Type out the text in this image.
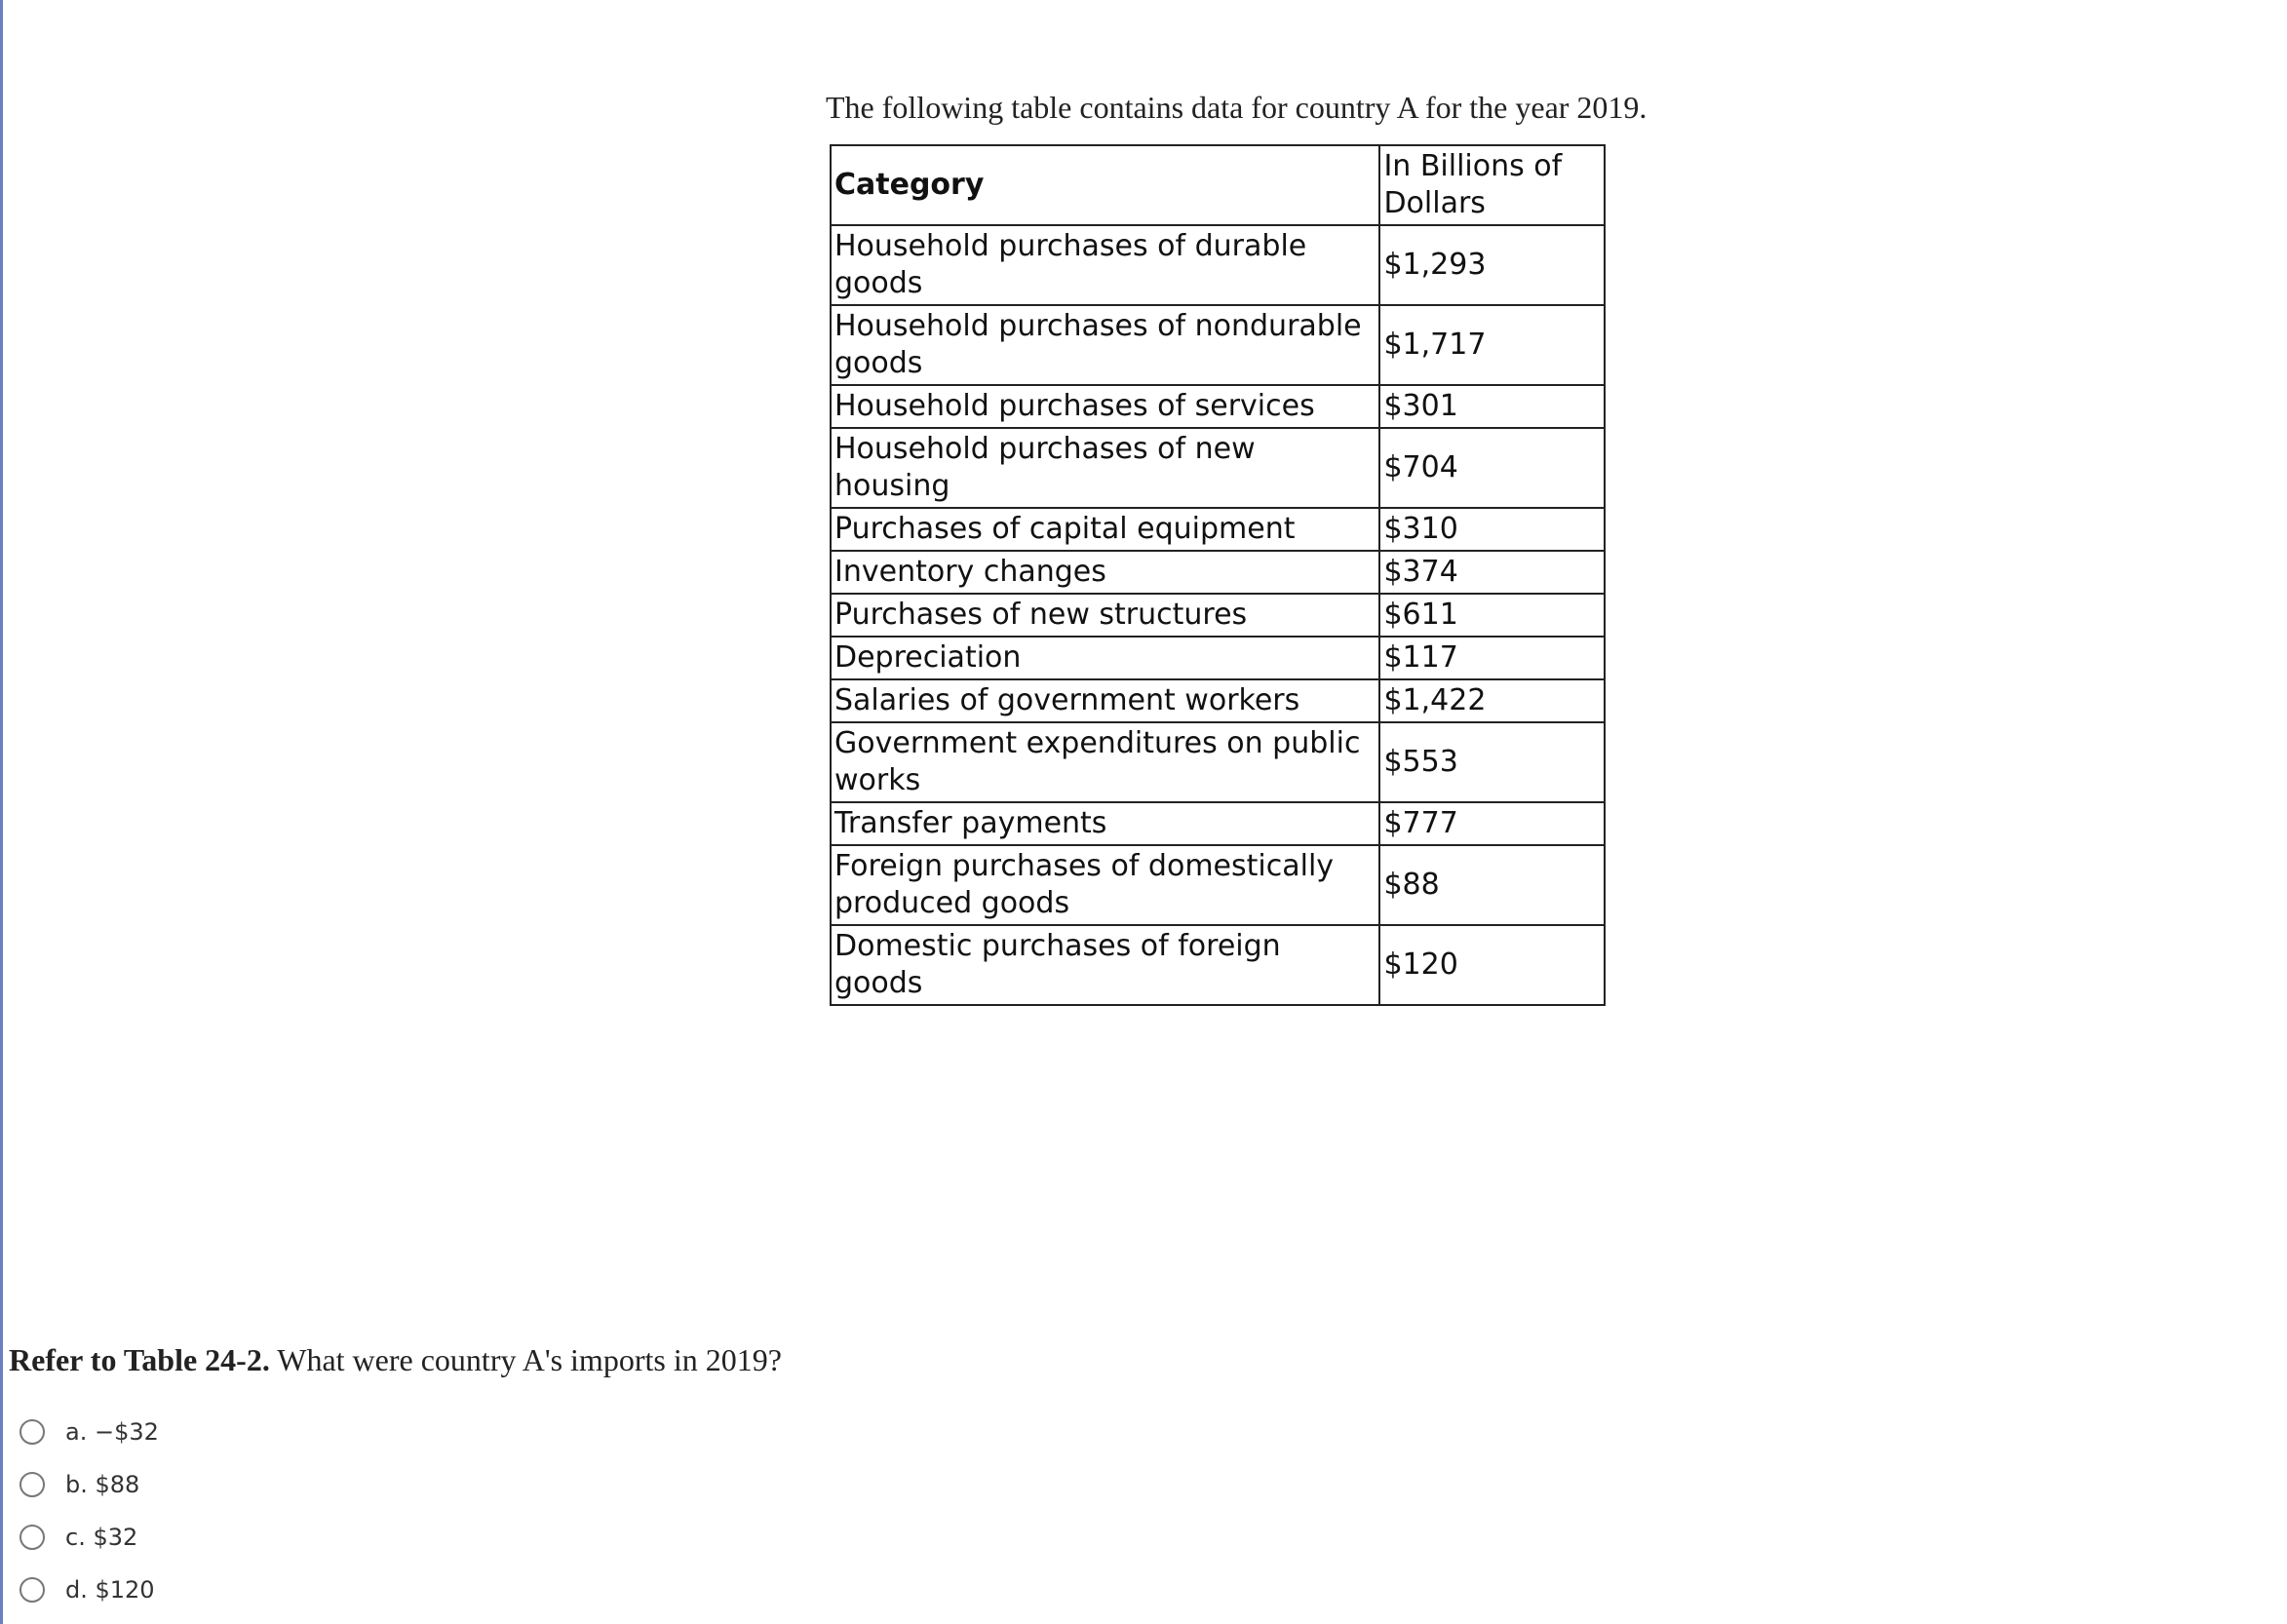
The following table contains data for country A for the year 2019.
Category	In Billions of Dollars
Household purchases of durable goods	$1,293
Household purchases of nondurable goods	$1,717
Household purchases of services	$301
Household purchases of new housing	$704
Purchases of capital equipment	$310
Inventory changes	$374
Purchases of new structures	$611
Depreciation	$117
Salaries of government workers	$1,422
Government expenditures on public works	$553
Transfer payments	$777
Foreign purchases of domestically produced goods	$88
Domestic purchases of foreign goods	$120
Refer to Table 24-2. What were country A's imports in 2019?
a. −$32
b. $88
c. $32
d. $120
